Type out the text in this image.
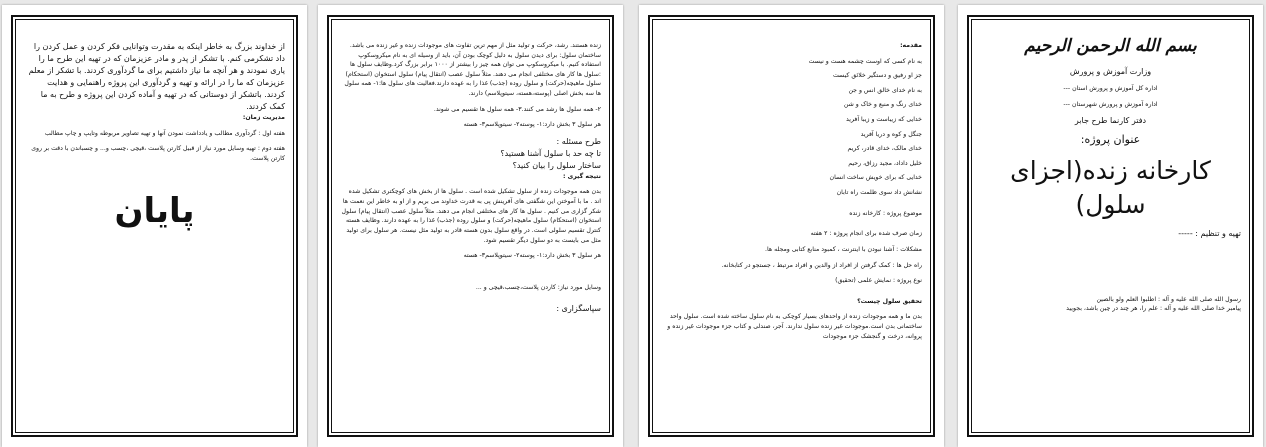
از خداوند بزرگ به خاطر اینکه به مقدرت وتوانایی فکر کردن و عمل کردن را داد تشکرمی کنم. با تشکر از پدر و مادر عزیزمان که در تهیه این طرح ما را یاری نمودند و هر آنچه ما نیاز داشتیم برای ما گردآوری کردند. با تشکر از معلم عزیزمان که ما را در ارائه و تهیه و گردآوری این پروژه راهنمایی و هدایت کردند. باتشکر از دوستانی که در تهیه و آماده کردن این پروژه و طرح به ما کمک کردند.

مدیریت زمان:

هفته اول : گردآوری مطالب و یادداشت نمودن آنها و تهیه تصاویر مربوطه وتایپ و چاپ مطالب

هفته دوم : تهیه وسایل مورد نیاز از قبیل کارتن پلاست ،قیچی ،چسب و... و چسباندن با دقت بر روی کارتن پلاست.

پایان

زنده هستند. رشد، حرکت و تولید مثل از مهم ترین تفاوت های موجودات زنده و غیر زنده می باشد. ساختمان سلول: برای دیدن سلول به دلیل کوچک بودن آن، باید از وسیله ای به نام میکروسکوپ استفاده کنیم. با میکروسکوپ می توان همه چیز را بیشتر از ۱۰۰۰ برابر بزرگ کرد.وظایف سلول ها :سلول ها کار های مختلفی انجام می دهند. مثلاً سلول عصب (انتقال پیام) سلول استخوان (استحکام) سلول ماهیچه(حرکت) و سلول روده (جذب) غذا را به عهده دارند.فعالیت های سلول ها:۱- همه سلول ها سه بخش اصلی (پوسته،هسته، سیتوپلاسم) دارند.

۲- همه سلول ها رشد می کنند.۳- همه سلول ها تقسیم می شوند.

هر سلول ۳ بخش دارد:۱- پوسته۲- سیتوپلاسم۳- هسته

طرح مسئله :

تا چه حد با سلول آشنا هستید؟

ساختار سلول را بیان کنید؟

نتیجه گیری :

بدن همه موجودات زنده از سلول تشکیل شده است . سلول ها از بخش های کوچکتری تشکیل شده اند . ما با آموختن این شگفتی های آفرینش پی به قدرت خداوند می بریم و از او به خاطر این نعمت ها شکر گزاری می کنیم . سلول ها کار های مختلفی انجام می دهند. مثلاً سلول عصب (انتقال پیام) سلول استخوان (استحکام) سلول ماهیچه(حرکت) و سلول روده (جذب) غذا را به عهده دارند. وظایف هسته کنترل تقسیم سلولی است. در واقع سلول بدون هسته قادر به تولید مثل نیست. هر سلول برای تولید مثل می بایست به دو سلول دیگر تقسیم شود.

هر سلول ۳ بخش دارد:۱- پوسته۲- سیتوپلاسم۳- هسته

وسایل مورد نیاز: کاردن پلاست،چسب،قیچی و ...

سپاسگزاری :

مقدمه:

به نام کسی که اوست چشمه هست و نیست

جز او رفیق و دستگیر خلائق کیست

به نام خدای خالق انس و جن

خدای رنگ و منبع و خاک و شن

خدایی که زیباست و زیبا آفرید

جنگل و کوه و دریا آفرید

خدای مالک، خدای قادر، کریم

خلیل داداد، مجید رزاق، رحیم

خدایی که برای خویش ساخت انسان

نشانش داد سوی ظلمت راه تابان

موضوع پروژه : کارخانه زنده

زمان صرف شده برای انجام پروژه : ۲ هفته

مشکلات : آشنا نبودن با اینترنت ، کمبود منابع کتابی ومجله ها.

راه حل ها : کمک گرفتن از افراد از والدین و افراد مرتبط ، جستجو در کتابخانه.

نوع پروژه : نمایش علمی (تحقیق)

تحقیق سلول چیست؟

بدن ما و همه موجودات زنده از واحدهای بسیار کوچکی به نام سلول ساخته شده است. سلول واحد ساختمانی بدن است.موجودات غیر زنده سلول ندارند. آجر، صندلی و کتاب جزء موجودات غیر زنده و پروانه، درخت و گنجشک جزء موجودات

بسم الله الرحمن الرحیم

وزارت آموزش و پرورش

اداره کل آموزش و پرورش استان ---

اداره آموزش و پرورش شهرستان ---

دفتر کارنما طرح جابر

عنوان پروژه:

کارخانه زنده(اجزای سلول)

تهیه و تنظیم : -----

رسول الله صلی الله علیه و آله : اطلبوا العلم ولو بالصین

پیامبر خدا صلی الله علیه و آله : علم را، هر چند در چین باشد، بجویید
